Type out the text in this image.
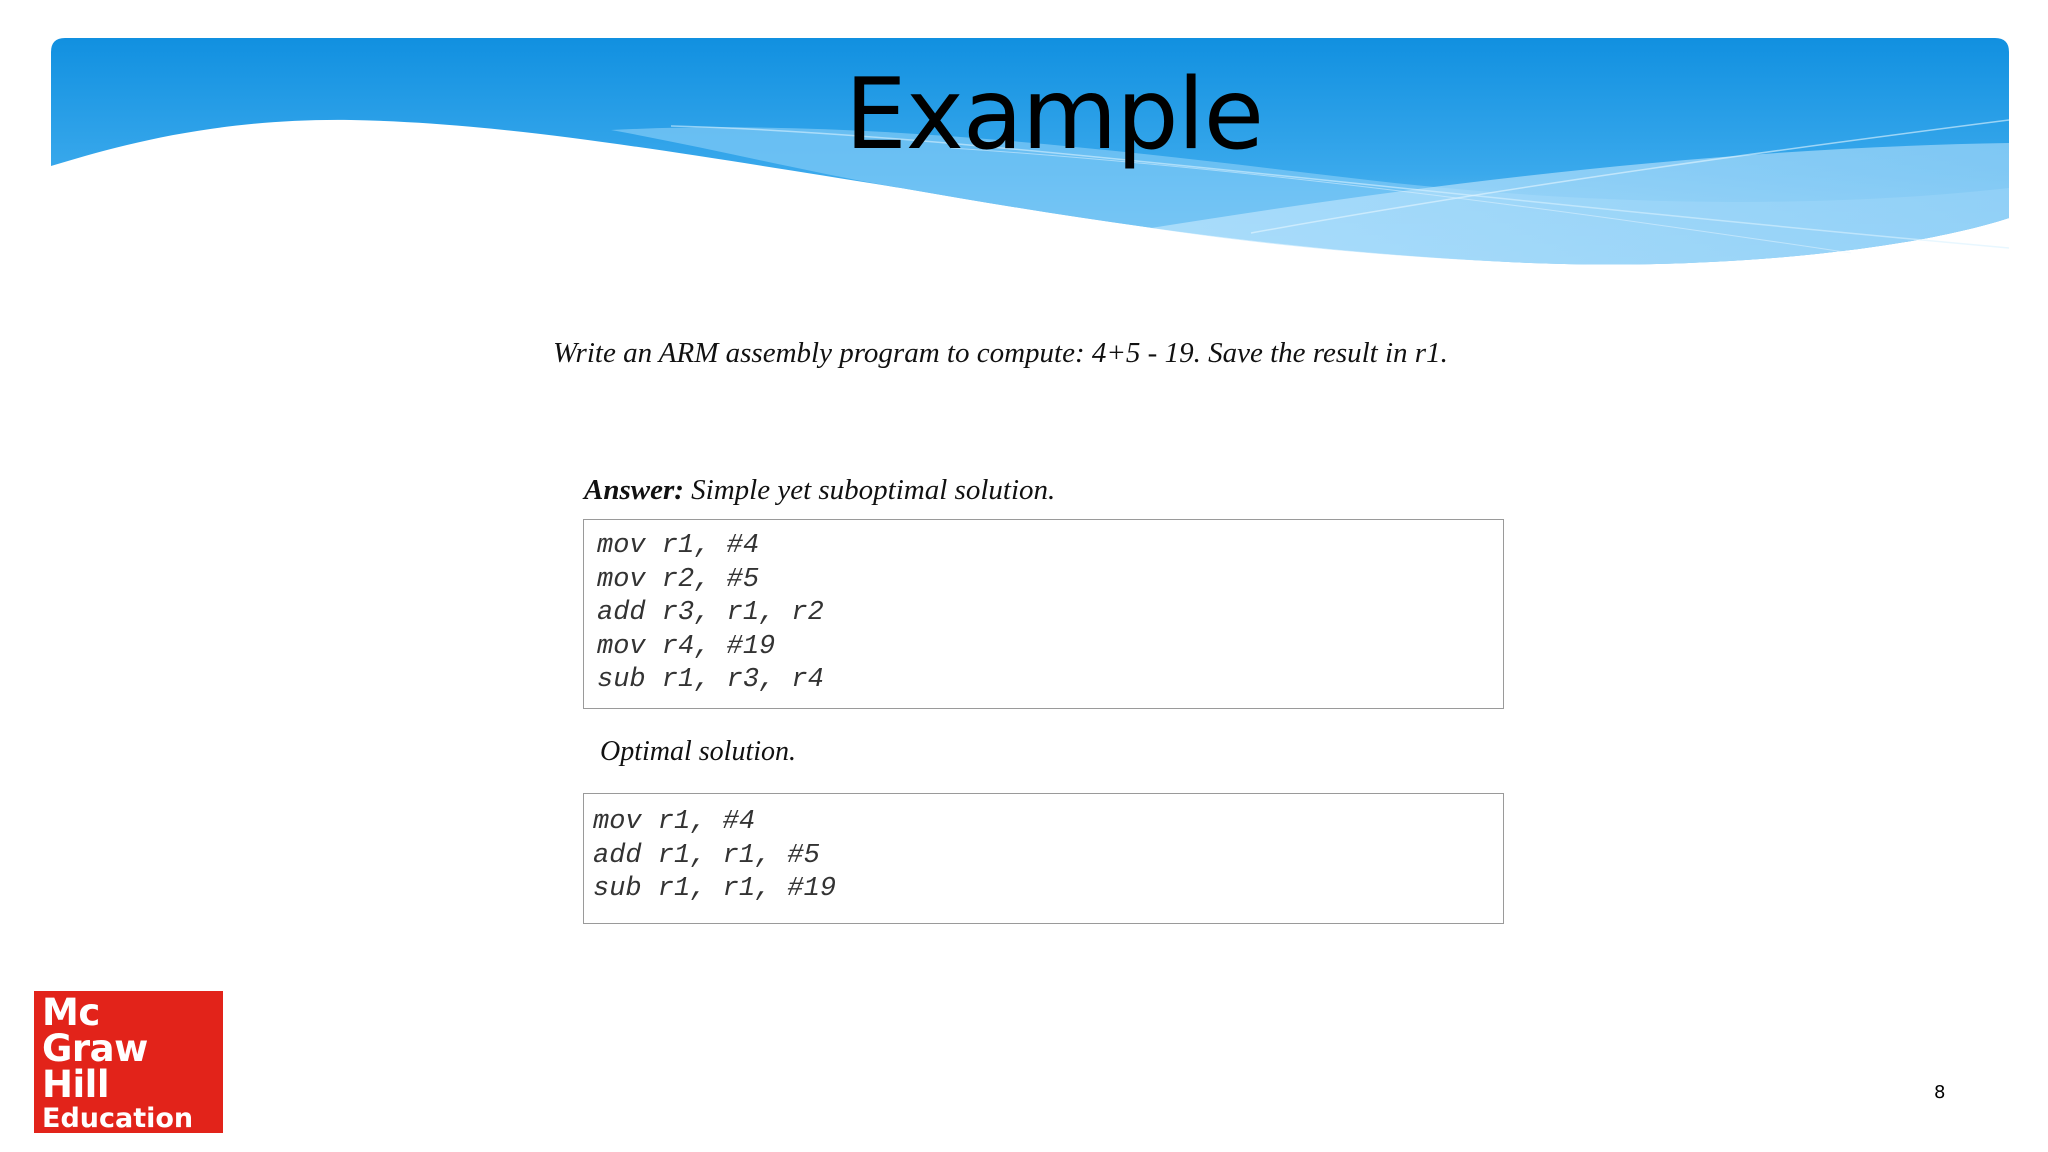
Example
Write an ARM assembly program to compute: 4+5 - 19. Save the result in r1.
Answer: Simple yet suboptimal solution.
mov r1, #4
mov r2, #5
add r3, r1, r2
mov r4, #19
sub r1, r3, r4
Optimal solution.
mov r1, #4
add r1, r1, #5
sub r1, r1, #19
Mc
Graw
Hill
Education
8
